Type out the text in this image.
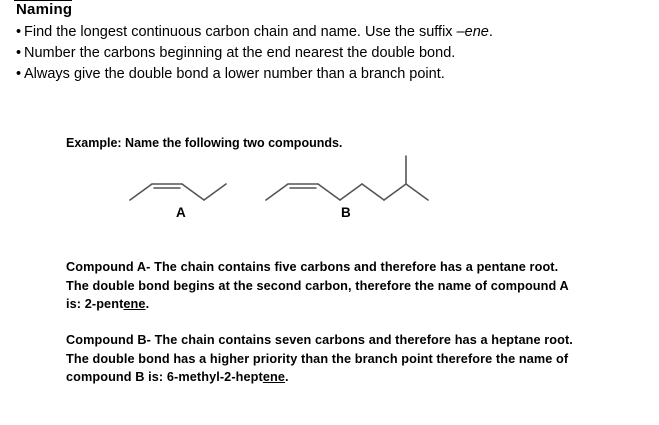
Naming
• Find the longest continuous carbon chain and name. Use the suffix –ene.
• Number the carbons beginning at the end nearest the double bond.
• Always give the double bond a lower number than a branch point.
Example: Name the following two compounds.
A	B
Compound A- The chain contains five carbons and therefore has a pentane root.
The double bond begins at the second carbon, therefore the name of compound A
is: 2-pentene.
Compound B- The chain contains seven carbons and therefore has a heptane root.
The double bond has a higher priority than the branch point therefore the name of
compound B is: 6-methyl-2-heptene.
